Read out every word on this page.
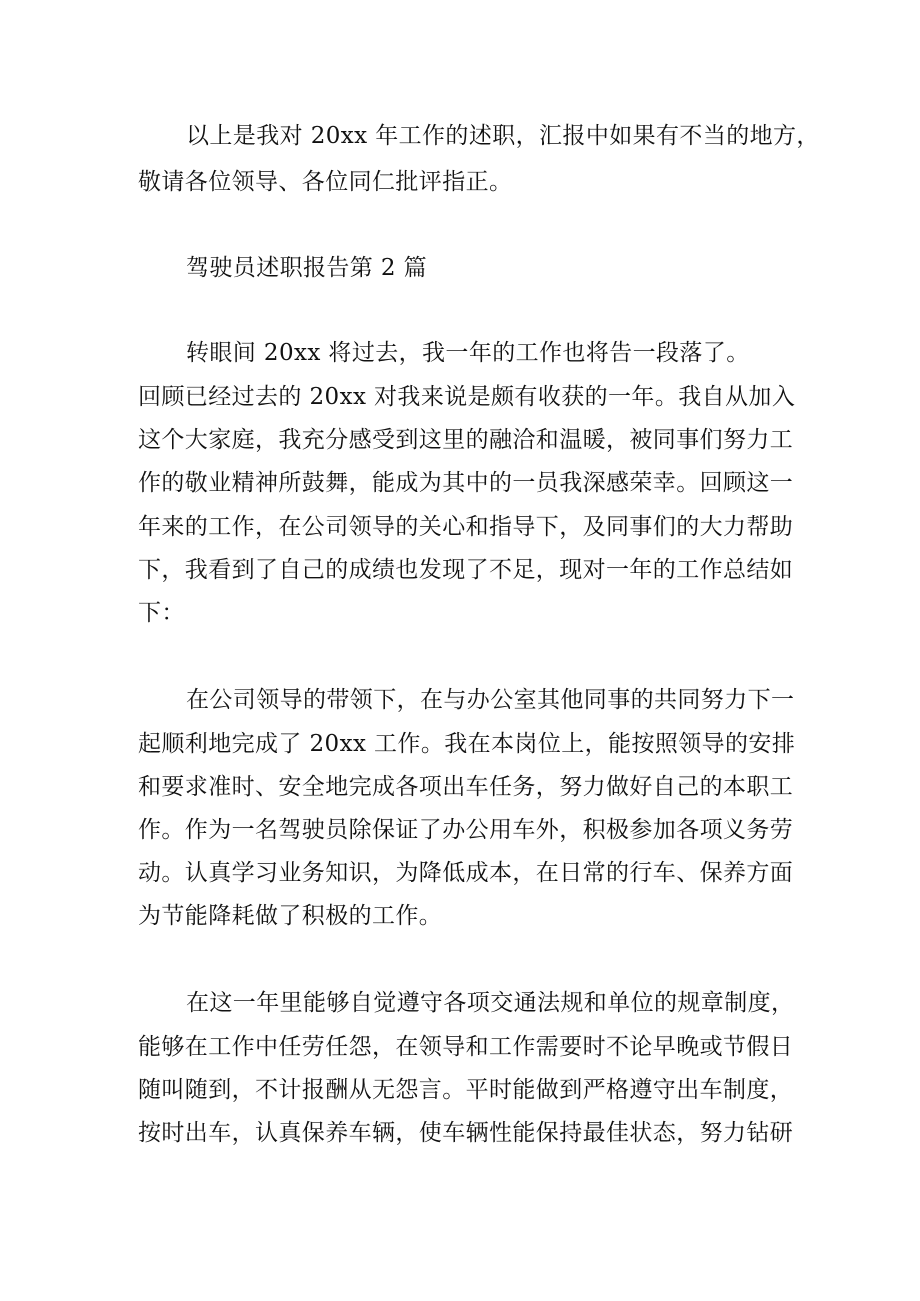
以上是我对 20xx 年工作的述职，汇报中如果有不当的地方，

敬请各位领导、各位同仁批评指正。

驾驶员述职报告第 2 篇

转眼间 20xx 将过去，我一年的工作也将告一段落了。

回顾已经过去的 20xx 对我来说是颇有收获的一年。我自从加入

这个大家庭，我充分感受到这里的融洽和温暖，被同事们努力工

作的敬业精神所鼓舞，能成为其中的一员我深感荣幸。回顾这一

年来的工作，在公司领导的关心和指导下，及同事们的大力帮助

下，我看到了自己的成绩也发现了不足，现对一年的工作总结如

下：

在公司领导的带领下，在与办公室其他同事的共同努力下一

起顺利地完成了 20xx 工作。我在本岗位上，能按照领导的安排

和要求准时、安全地完成各项出车任务，努力做好自己的本职工

作。作为一名驾驶员除保证了办公用车外，积极参加各项义务劳

动。认真学习业务知识，为降低成本，在日常的行车、保养方面

为节能降耗做了积极的工作。

在这一年里能够自觉遵守各项交通法规和单位的规章制度，

能够在工作中任劳任怨，在领导和工作需要时不论早晚或节假日

随叫随到，不计报酬从无怨言。平时能做到严格遵守出车制度，

按时出车，认真保养车辆，使车辆性能保持最佳状态，努力钻研
